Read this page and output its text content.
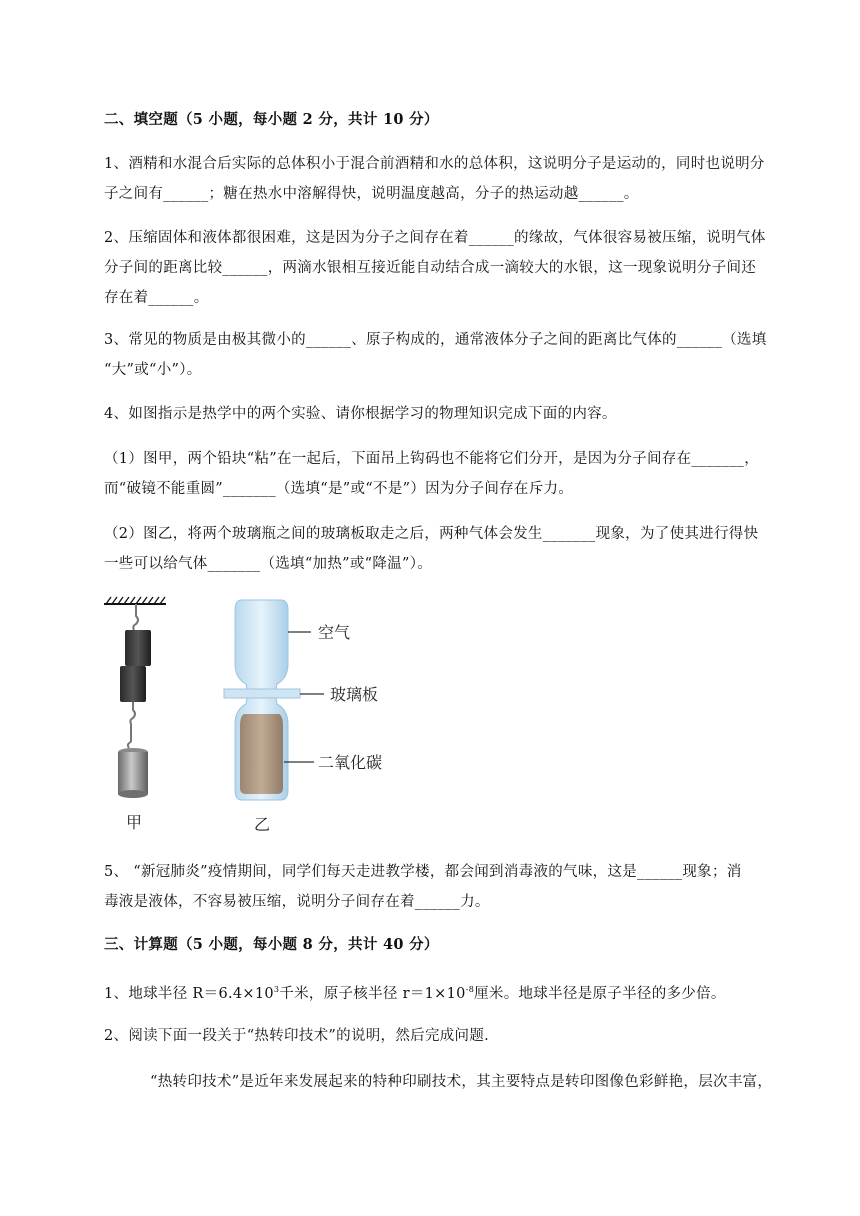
二、填空题（5 小题，每小题 2 分，共计 10 分）
1、酒精和水混合后实际的总体积小于混合前酒精和水的总体积，这说明分子是运动的，同时也说明分
子之间有______；糖在热水中溶解得快，说明温度越高，分子的热运动越______。
2、压缩固体和液体都很困难，这是因为分子之间存在着______的缘故，气体很容易被压缩，说明气体
分子间的距离比较______，两滴水银相互接近能自动结合成一滴较大的水银，这一现象说明分子间还
存在着______。
3、常见的物质是由极其微小的______、原子构成的，通常液体分子之间的距离比气体的______（选填
“大”或“小”）。
4、如图指示是热学中的两个实验、请你根据学习的物理知识完成下面的内容。
（1）图甲，两个铅块“粘”在一起后，下面吊上钩码也不能将它们分开，是因为分子间存在_______，
而“破镜不能重圆”_______（选填“是”或“不是”）因为分子间存在斥力。
（2）图乙，将两个玻璃瓶之间的玻璃板取走之后，两种气体会发生_______现象，为了使其进行得快
一些可以给气体_______（选填“加热”或“降温”）。
空气
玻璃板
二氧化碳
甲	乙
5、 “新冠肺炎”疫情期间，同学们每天走进教学楼，都会闻到消毒液的气味，这是______现象；消
毒液是液体，不容易被压缩，说明分子间存在着______力。
三、计算题（5 小题，每小题 8 分，共计 40 分）
1、地球半径 $R=6.4\times 10^3$千米，原子核半径 $r=1\times 10^{-8}$厘米。地球半径是原子半径的多少倍。
2、阅读下面一段关于“热转印技术”的说明，然后完成问题.
“热转印技术”是近年来发展起来的特种印刷技术，其主要特点是转印图像色彩鲜艳，层次丰富，
